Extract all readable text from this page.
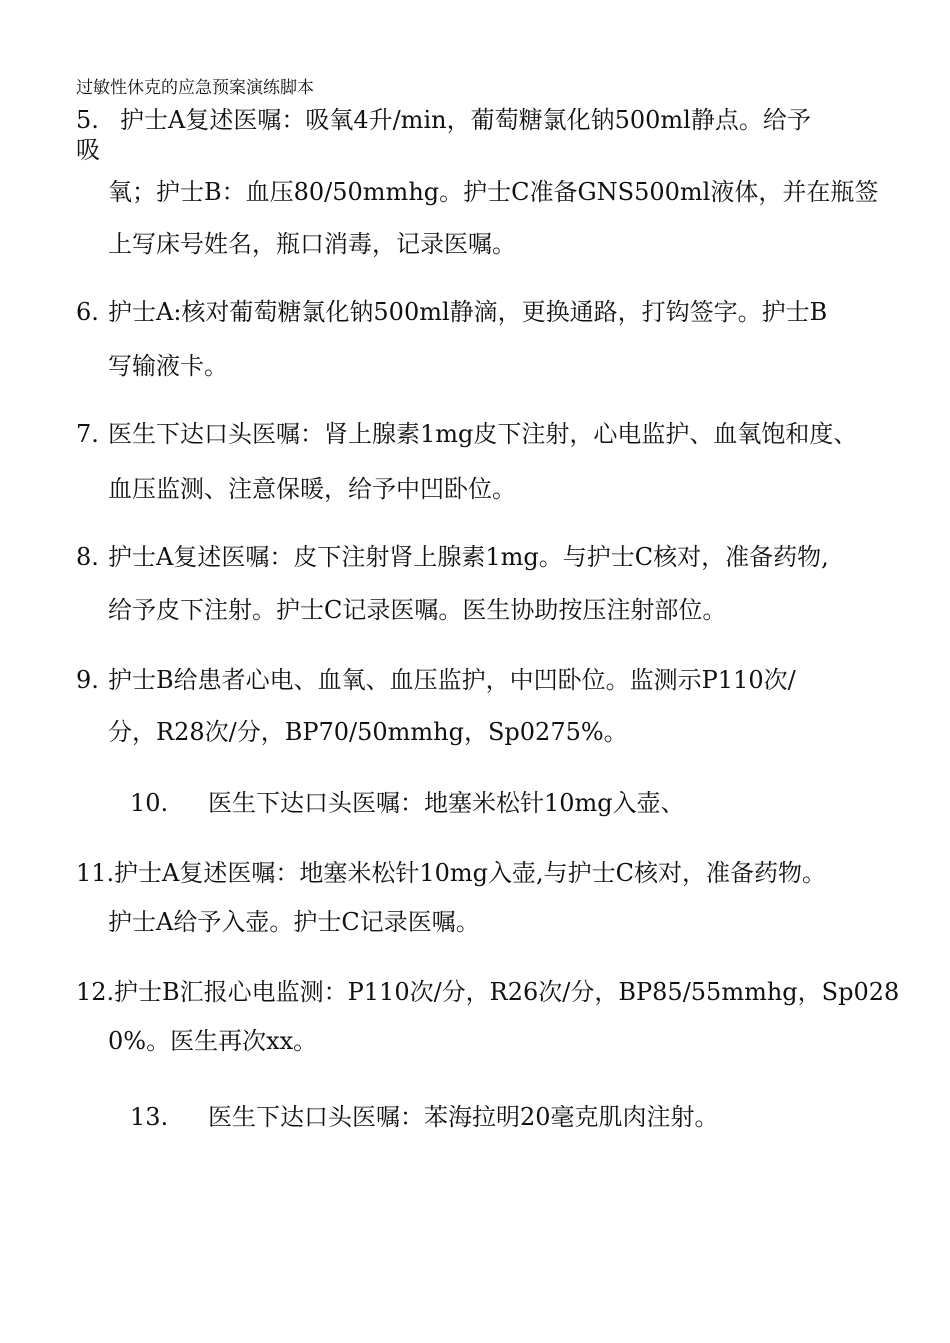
过敏性休克的应急预案演练脚本
5. 护士A复述医嘱：吸氧4升/min，葡萄糖氯化钠500ml静点。给予
吸
氧；护士B：血压80/50mmhg。护士C准备GNS500ml液体，并在瓶签
上写床号姓名，瓶口消毒，记录医嘱。
6. 护士A:核对葡萄糖氯化钠500ml静滴，更换通路，打钩签字。护士B
写输液卡。
7. 医生下达口头医嘱：肾上腺素1mg皮下注射，心电监护、血氧饱和度、
血压监测、注意保暖，给予中凹卧位。
8. 护士A复述医嘱：皮下注射肾上腺素1mg。与护士C核对，准备药物,
给予皮下注射。护士C记录医嘱。医生协助按压注射部位。
9. 护士B给患者心电、血氧、血压监护，中凹卧位。监测示P110次/
分，R28次/分，BP70/50mmhg，Sp0275%。
10. 医生下达口头医嘱：地塞米松针10mg入壶、
11.护士A复述医嘱：地塞米松针10mg入壶,与护士C核对，准备药物。
护士A给予入壶。护士C记录医嘱。
12.护士B汇报心电监测：P110次/分，R26次/分，BP85/55mmhg，Sp028
0%。医生再次xx。
13. 医生下达口头医嘱：苯海拉明20毫克肌肉注射。
